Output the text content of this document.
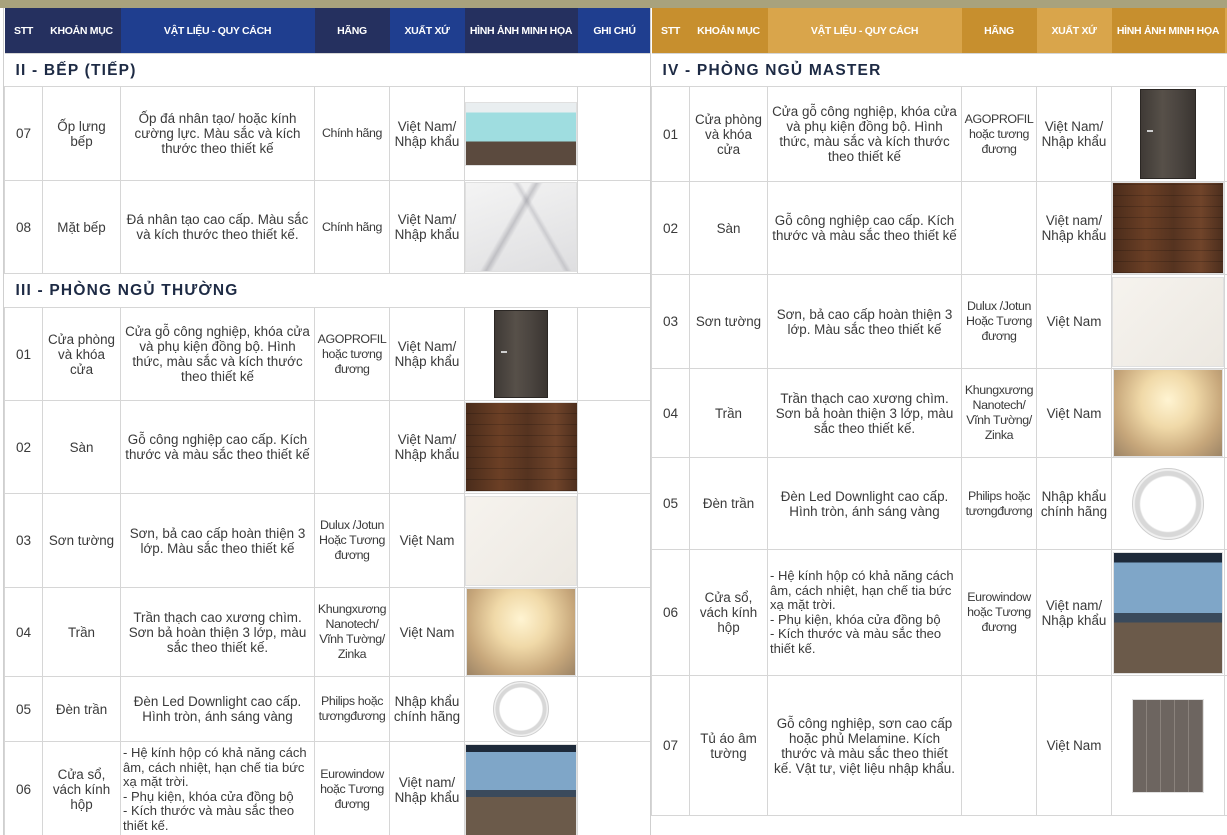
STT	KHOẢN MỤC	VẬT LIỆU - QUY CÁCH	HÃNG	XUẤT XỨ	HÌNH ẢNH MINH HỌA	GHI CHÚ
II - BẾP (TIẾP)						
07	Ốp lưng bếp	Ốp đá nhân tạo/ hoặc kính cường lực. Màu sắc và kích thước theo thiết kế	Chính hãng	Việt Nam/ Nhập khẩu	

08	Mặt bếp	Đá nhân tạo cao cấp. Màu sắc và kích thước theo thiết kế.	Chính hãng	Việt Nam/ Nhập khẩu	

III - PHÒNG NGỦ THƯỜNG						
01	Cửa phòng và khóa cửa	Cửa gỗ công nghiệp, khóa cửa và phụ kiện đồng bộ. Hình thức, màu sắc và kích thước theo thiết kế	AGOPROFIL hoặc tương đương	Việt Nam/ Nhập khẩu	

02	Sàn	Gỗ công nghiệp cao cấp. Kích thước và màu sắc theo thiết kế		Việt Nam/ Nhập khẩu	

03	Sơn tường	Sơn, bả cao cấp hoàn thiện 3 lớp. Màu sắc theo thiết kế	Dulux /Jotun Hoặc Tương đương	Việt Nam	

04	Trần	Trần thạch cao xương chìm. Sơn bả hoàn thiện 3 lớp, màu sắc theo thiết kế.	Khungxương Nanotech/ Vĩnh Tường/ Zinka	Việt Nam	

05	Đèn trần	Đèn Led Downlight cao cấp. Hình tròn, ánh sáng vàng	Philips hoặc tươngđương	Nhập khẩu chính hãng	

06	Cửa sổ, vách kính hộp	- Hệ kính hộp có khả năng cách âm, cách nhiệt, hạn chế tia bức xạ mặt trời.
- Phụ kiện, khóa cửa đồng bộ
- Kích thước và màu sắc theo thiết kế.	Eurowindow hoặc Tương đương	Việt nam/ Nhập khẩu	

STT	KHOẢN MỤC	VẬT LIỆU - QUY CÁCH	HÃNG	XUẤT XỨ	HÌNH ẢNH MINH HỌA	
IV - PHÒNG NGỦ MASTER						
01	Cửa phòng và khóa cửa	Cửa gỗ công nghiệp, khóa cửa và phụ kiện đồng bộ. Hình thức, màu sắc và kích thước theo thiết kế	AGOPROFIL hoặc tương đương	Việt Nam/ Nhập khẩu	

02	Sàn	Gỗ công nghiệp cao cấp. Kích thước và màu sắc theo thiết kế		Việt nam/ Nhập khẩu	

03	Sơn tường	Sơn, bả cao cấp hoàn thiện 3 lớp. Màu sắc theo thiết kế	Dulux /Jotun Hoặc Tương đương	Việt Nam	

04	Trần	Trần thạch cao xương chìm. Sơn bả hoàn thiện 3 lớp, màu sắc theo thiết kế.	Khungxương Nanotech/ Vĩnh Tường/ Zinka	Việt Nam	

05	Đèn trần	Đèn Led Downlight cao cấp. Hình tròn, ánh sáng vàng	Philips hoặc tươngđương	Nhập khẩu chính hãng	

06	Cửa sổ, vách kính hộp	- Hệ kính hộp có khả năng cách âm, cách nhiệt, hạn chế tia bức xạ mặt trời.
- Phụ kiện, khóa cửa đồng bộ
- Kích thước và màu sắc theo thiết kế.	Eurowindow hoặc Tương đương	Việt nam/ Nhập khẩu	

07	Tủ áo âm tường	Gỗ công nghiệp, sơn cao cấp hoặc phủ Melamine. Kích thước và màu sắc theo thiết kế. Vật tư, việt liệu nhập khẩu.		Việt Nam	
